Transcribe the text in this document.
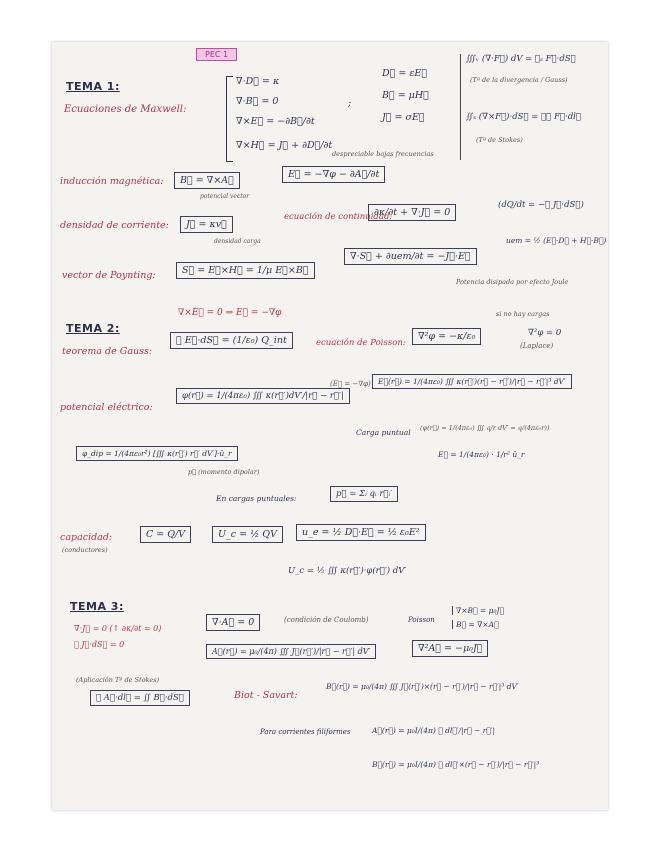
PEC 1
TEMA 1:
Ecuaciones de Maxwell:
∇·D⃗ = κ
∇·B⃗ = 0
∇×E⃗ = −∂B⃗/∂t
∇×H⃗ = J⃗ + ∂D⃗/∂t
despreciable bajas frecuencias
;
D⃗ = εE⃗
B⃗ = μH⃗
J⃗ = σE⃗
∭ᵥ (∇·F⃗) dV = ∯ₛ F⃗·dS⃗
(Tª de la divergencia / Gauss)
∬ₛ (∇×F⃗)·dS⃗ = ∮꜀ F⃗·dl⃗
(Tª de Stokes)
inducción magnética:	B⃗ = ∇×A⃗
potencial vector
E⃗ = −∇φ − ∂A⃗/∂t
densidad de corriente:	J⃗ = κv⃗
densidad carga
ecuación de continuidad:
∂κ/∂t + ∇·J⃗ = 0
(dQ/dt = −∯ J⃗·dS⃗)
uem = ½ (E⃗·D⃗ + H⃗·B⃗)
vector de Poynting:	S⃗ = E⃗×H⃗ = 1/μ E⃗×B⃗
∇·S⃗ + ∂uem/∂t = −J⃗·E⃗
Potencia disipada por efecto Joule
TEMA 2:
∇×E⃗ = 0 ⇒ E⃗ = −∇φ
teorema de Gauss:
∯ E⃗·dS⃗ = (1/ε₀) Q_int	ecuación de Poisson:
∇²φ = −κ/ε₀
si no hay cargas
∇²φ = 0
(Laplace)
potencial eléctrico:
φ(r⃗) = 1/(4πε₀) ∭ κ(r⃗′)dV′/|r⃗ − r⃗′|
(E⃗ = −∇φ) E⃗(r⃗) = 1/(4πε₀) ∭ κ(r⃗′)(r⃗ − r⃗′)/|r⃗ − r⃗′|³ dV′
Carga puntual (φ(r⃗) = 1/(4πε₀) ∭ q/r dV′ = q/(4πε₀r))
E⃗ = 1/(4πε₀) · 1/r² û_r
φ_dip = 1/(4πε₀r²) [∭ κ(r⃗′) r⃗′ dV′]·û_r
p⃗ (momento dipolar)
En cargas puntuales:	p⃗ = Σᵢ qᵢ r⃗ᵢ′
capacidad:
(conductores)
C = Q/V	U_c = ½ QV	u_e = ½ D⃗·E⃗ = ½ ε₀E²
U_c = ½ ∭ κ(r⃗′)·φ(r⃗′) dV′
TEMA 3:
∇·J⃗ = 0 (↑ ∂κ/∂t = 0)
∯ J⃗·dS⃗ = 0
∇·A⃗ = 0	(condición de Coulomb)	Poisson
∇×B⃗ = μ₀J⃗
B⃗ = ∇×A⃗
∇²A⃗ = −μ₀J⃗
A⃗(r⃗) = μ₀/(4π) ∭ J⃗(r⃗′)/|r⃗ − r⃗′| dV′
(Aplicación Tª de Stokes)
∮ A⃗·dl⃗ = ∬ B⃗·dS⃗	Biot - Savart:
B⃗(r⃗) = μ₀/(4π) ∭ J⃗(r⃗′)×(r⃗ − r⃗′)/|r⃗ − r⃗′|³ dV′
Para corrientes filiformes	A⃗(r⃗) = μ₀I/(4π) ∮ dl⃗′/|r⃗ − r⃗′|
B⃗(r⃗) = μ₀I/(4π) ∮ dl⃗′×(r⃗ − r⃗′)/|r⃗ − r⃗′|³
